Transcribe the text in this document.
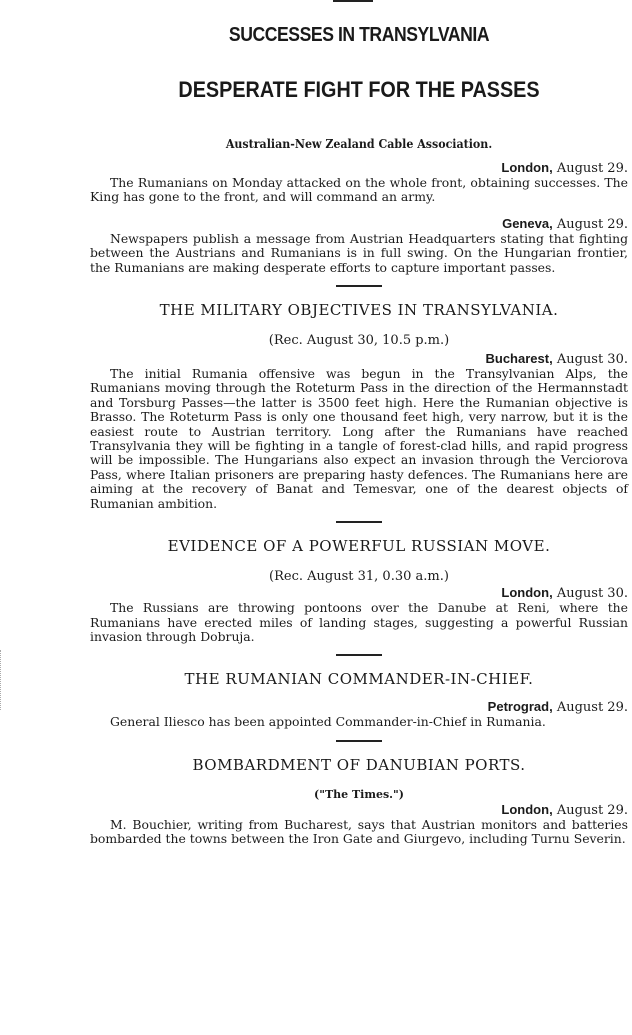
SUCCESSES IN TRANSYLVANIA
DESPERATE FIGHT FOR THE PASSES
Australian-New Zealand Cable Association.
London, August 29.

The Rumanians on Monday attacked on the whole front, obtaining successes. The King has gone to the front, and will command an army.

Geneva, August 29.

Newspapers publish a message from Austrian Headquarters stating that fighting between the Austrians and Rumanians is in full swing. On the Hungarian frontier, the Rumanians are making desperate efforts to capture important passes.

THE MILITARY OBJECTIVES IN TRANSYLVANIA.
(Rec. August 30, 10.5 p.m.)
Bucharest, August 30.

The initial Rumania offensive was begun in the Transylvanian Alps, the Rumanians moving through the Roteturm Pass in the direction of the Hermannstadt and Torsburg Passes—the latter is 3500 feet high. Here the Rumanian objective is Brasso. The Roteturm Pass is only one thousand feet high, very narrow, but it is the easiest route to Austrian territory. Long after the Rumanians have reached Transylvania they will be fighting in a tangle of forest-clad hills, and rapid progress will be impossible. The Hungarians also expect an invasion through the Verciorova Pass, where Italian prisoners are preparing hasty defences. The Rumanians here are aiming at the recovery of Banat and Temesvar, one of the dearest objects of Rumanian ambition.

EVIDENCE OF A POWERFUL RUSSIAN MOVE.
(Rec. August 31, 0.30 a.m.)
London, August 30.

The Russians are throwing pontoons over the Danube at Reni, where the Rumanians have erected miles of landing stages, suggesting a powerful Russian invasion through Dobruja.

THE RUMANIAN COMMANDER-IN-CHIEF.
Petrograd, August 29.

General Iliesco has been appointed Commander-in-Chief in Rumania.

BOMBARDMENT OF DANUBIAN PORTS.
("The Times.")
London, August 29.

M. Bouchier, writing from Bucharest, says that Austrian monitors and batteries bombarded the towns between the Iron Gate and Giurgevo, including Turnu Severin.
